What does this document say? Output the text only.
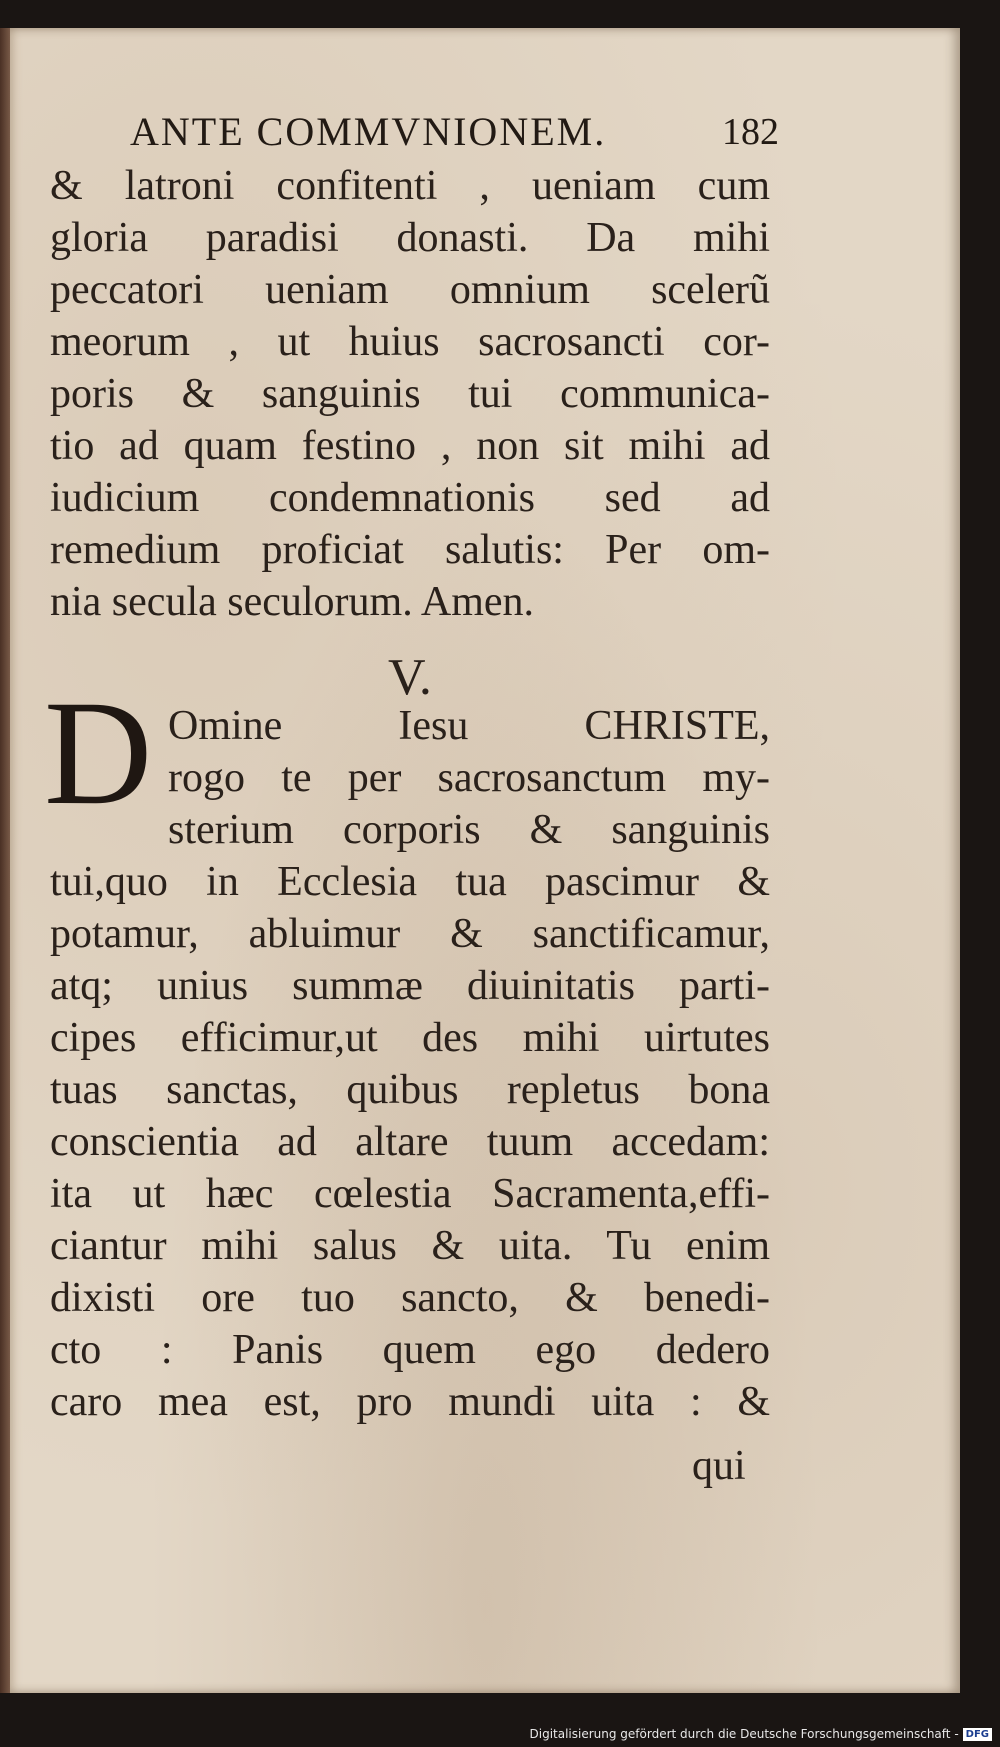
ANTE COMMVNIONEM.	182
& latroni confitenti , ueniam cum
gloria paradisi donasti. Da mihi
peccatori ueniam omnium scelerũ
meorum , ut huius sacrosancti cor-
poris & sanguinis tui communica-
tio ad quam festino , non sit mihi ad
iudicium condemnationis sed ad
remedium proficiat salutis: Per om-
nia secula seculorum. Amen.
V.
D Omine Iesu CHRISTE,
rogo te per sacrosanctum my-
sterium corporis & sanguinis
tui,quo in Ecclesia tua pascimur &
potamur, abluimur & sanctificamur,
atq; unius summæ diuinitatis parti-
cipes efficimur,ut des mihi uirtutes
tuas sanctas, quibus repletus bona
conscientia ad altare tuum accedam:
ita ut hæc cœlestia Sacramenta,effi-
ciantur mihi salus & uita. Tu enim
dixisti ore tuo sancto, & benedi-
cto : Panis quem ego dedero
caro mea est, pro mundi uita : &
qui
Digitalisierung gefördert durch die Deutsche Forschungsgemeinschaft - DFG
